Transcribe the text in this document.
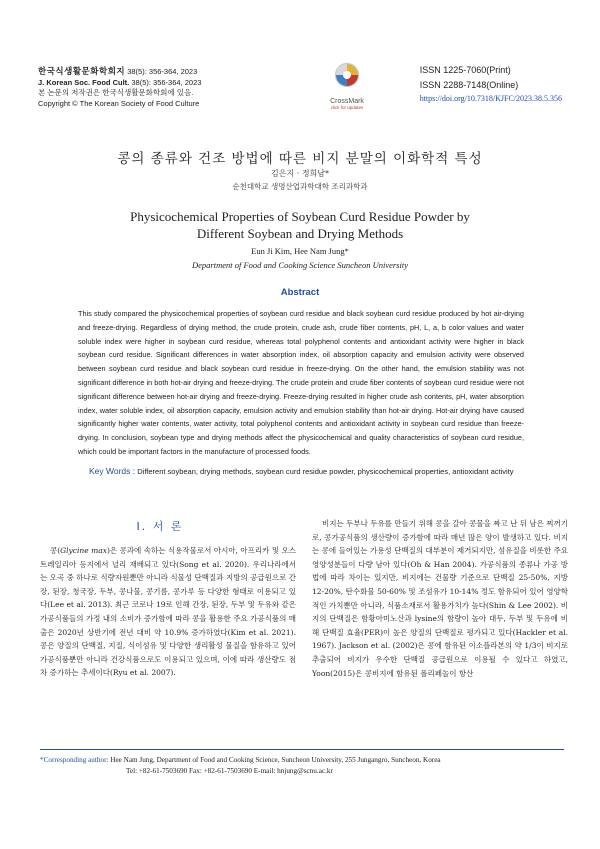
한국식생활문화학회지 38(5): 356-364, 2023
J. Korean Soc. Food Cult. 38(5): 356-364, 2023
본 논문의 저작권은 한국식생활문화학회에 있음.
Copyright © The Korean Society of Food Culture	CrossMark
click for updates
ISSN 1225-7060(Print)
ISSN 2288-7148(Online)
https://doi.org/10.7318/KJFC/2023.38.5.356
콩의 종류와 건조 방법에 따른 비지 분말의 이화학적 특성
김은지 · 정희남*
순천대학교 생명산업과학대학 조리과학과
Physicochemical Properties of Soybean Curd Residue Powder by
Different Soybean and Drying Methods
Eun Ji Kim, Hee Nam Jung*
Department of Food and Cooking Science Suncheon University
Abstract
This study compared the physicochemical properties of soybean curd residue and black soybean curd residue produced by hot air-drying and freeze-drying. Regardless of drying method, the crude protein, crude ash, crude fiber contents, pH, L, a, b color values and water soluble index were higher in soybean curd residue, whereas total polyphenol contents and antioxidant activity were higher in black soybean curd residue. Significant differences in water absorption index, oil absorption capacity and emulsion activity were observed between soybean curd residue and black soybean curd residue in freeze-drying. On the other hand, the emulsion stability was not significant difference in both hot-air drying and freeze-drying. The crude protein and crude fiber contents of soybean curd residue were not significant difference between hot-air drying and freeze-drying. Freeze-drying resulted in higher crude ash contents, pH, water absorption index, water soluble index, oil absorption capacity, emulsion activity and emulsion stability than hot-air drying. Hot-air drying have caused significantly higher water contents, water activity, total polyphenol contents and antioxidant activity in soybean curd residue than freeze-drying. In conclusion, soybean type and drying methods affect the physicochemical and quality characteristics of soybean curd residue, which could be important factors in the manufacture of processed foods.
Key Words : Different soybean, drying methods, soybean curd residue powder, physicochemical properties, antioxidant activity
Ⅰ. 서 론
콩(Glycine max)은 콩과에 속하는 식용작물로서 아시아, 아프리카 및 오스트레일리아 등지에서 널리 재배되고 있다(Song et al. 2020). 우리나라에서는 오곡 중 하나로 식량자원뿐만 아니라 식물성 단백질과 지방의 공급원으로 간장, 된장, 청국장, 두부, 콩나물, 콩기름, 콩가루 등 다양한 형태로 이용되고 있다(Lee et al. 2013). 최근 코로나 19로 인해 간장, 된장, 두부 및 두유와 같은 가공식품들의 가정 내의 소비가 증가함에 따라 콩을 활용한 주요 가공식품의 매출은 2020년 상반기에 전년 대비 약 10.9% 증가하였다(Kim et al. 2021). 콩은 양질의 단백질, 지질, 식이섬유 및 다양한 생리활성 물질을 함유하고 있어 가공식품뿐만 아니라 건강식품으로도 이용되고 있으며, 이에 따라 생산량도 점차 증가하는 추세이다(Ryu et al. 2007).
비지는 두부나 두유를 만들기 위해 콩을 갈아 콩물을 짜고 난 뒤 남은 찌꺼기로, 콩가공식품의 생산량이 증가함에 따라 매년 많은 양이 발생하고 있다. 비지는 콩에 들어있는 가용성 단백질의 대부분이 제거되지만, 섬유질을 비롯한 주요 영양성분들이 다량 남아 있다(Oh & Han 2004). 가공식품의 종류나 가공 방법에 따라 차이는 있지만, 비지에는 건물량 기준으로 단백질 25-50%, 지방 12-20%, 탄수화물 50-60% 및 조섬유가 10-14% 정도 함유되어 있어 영양학적인 가치뿐만 아니라, 식품소재로서 활용가치가 높다(Shin & Lee 2002). 비지의 단백질은 함황아미노산과 lysine의 함량이 높아 대두, 두부 및 두유에 비해 단백질 효율(PER)이 높은 양질의 단백질로 평가되고 있다(Hackler et al. 1967). Jackson et al. (2002)은 콩에 함유된 이소플라본의 약 1/3이 비지로 추출되어 비지가 우수한 단백질 공급원으로 이용될 수 있다고 하였고, Yoon(2015)은 콩비지에 함유된 폴리페놀이 항산
*Corresponding author: Hee Nam Jung, Department of Food and Cooking Science, Suncheon University, 255 Jungangro, Suncheon, Korea
Tel: +82-61-7503690 Fax: +82-61-7503690 E-mail: hnjung@scnu.ac.kr
